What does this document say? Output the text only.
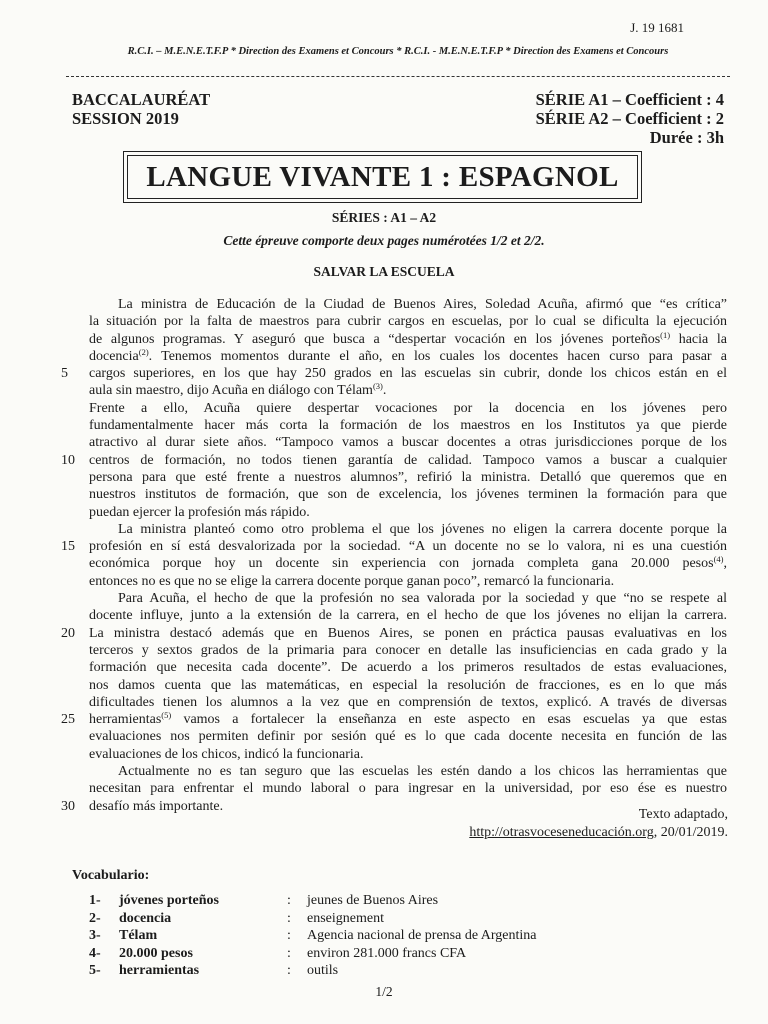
J. 19 1681
R.C.I. – M.E.N.E.T.F.P * Direction des Examens et Concours * R.C.I. - M.E.N.E.T.F.P * Direction des Examens et Concours
BACCALAURÉAT
SESSION 2019
SÉRIE A1 – Coefficient : 4
SÉRIE A2 – Coefficient : 2
Durée : 3h
LANGUE VIVANTE 1 : ESPAGNOL
SÉRIES : A1 – A2
Cette épreuve comporte deux pages numérotées 1/2 et 2/2.
SALVAR LA ESCUELA
La ministra de Educación de la Ciudad de Buenos Aires, Soledad Acuña, afirmó que “es crítica”
la situación por la falta de maestros para cubrir cargos en escuelas, por lo cual se dificulta la ejecución
de algunos programas. Y aseguró que busca a “despertar vocación en los jóvenes porteños$^{(1)}$ hacia la
docencia$^{(2)}$. Tenemos momentos durante el año, en los cuales los docentes hacen curso para pasar a
5 cargos superiores, en los que hay 250 grados en las escuelas sin cubrir, donde los chicos están en el
aula sin maestro, dijo Acuña en diálogo con Télam$^{(3)}$.
Frente a ello, Acuña quiere despertar vocaciones por la docencia en los jóvenes pero
fundamentalmente hacer más corta la formación de los maestros en los Institutos ya que pierde
atractivo al durar siete años. “Tampoco vamos a buscar docentes a otras jurisdicciones porque de los
10 centros de formación, no todos tienen garantía de calidad. Tampoco vamos a buscar a cualquier
persona para que esté frente a nuestros alumnos”, refirió la ministra. Detalló que queremos que en
nuestros institutos de formación, que son de excelencia, los jóvenes terminen la formación para que
puedan ejercer la profesión más rápido.
La ministra planteó como otro problema el que los jóvenes no eligen la carrera docente porque la
15 profesión en sí está desvalorizada por la sociedad. “A un docente no se lo valora, ni es una cuestión
económica porque hoy un docente sin experiencia con jornada completa gana 20.000 pesos$^{(4)}$,
entonces no es que no se elige la carrera docente porque ganan poco”, remarcó la funcionaria.
Para Acuña, el hecho de que la profesión no sea valorada por la sociedad y que “no se respete al
docente influye, junto a la extensión de la carrera, en el hecho de que los jóvenes no elijan la carrera.
20 La ministra destacó además que en Buenos Aires, se ponen en práctica pausas evaluativas en los
terceros y sextos grados de la primaria para conocer en detalle las insuficiencias en cada grado y la
formación que necesita cada docente”. De acuerdo a los primeros resultados de estas evaluaciones,
nos damos cuenta que las matemáticas, en especial la resolución de fracciones, es en lo que más
dificultades tienen los alumnos a la vez que en comprensión de textos, explicó. A través de diversas
25 herramientas$^{(5)}$ vamos a fortalecer la enseñanza en este aspecto en esas escuelas ya que estas
evaluaciones nos permiten definir por sesión qué es lo que cada docente necesita en función de las
evaluaciones de los chicos, indicó la funcionaria.
Actualmente no es tan seguro que las escuelas les estén dando a los chicos las herramientas que
necesitan para enfrentar el mundo laboral o para ingresar en la universidad, por eso ése es nuestro
30 desafío más importante.
Texto adaptado,
http://otrasvoceseneducación.org, 20/01/2019.
Vocabulario:
1-	jóvenes porteños	:	jeunes de Buenos Aires
2-	docencia	:	enseignement
3-	Télam	:	Agencia nacional de prensa de Argentina
4-	20.000 pesos	:	environ 281.000 francs CFA
5-	herramientas	:	outils
1/2
